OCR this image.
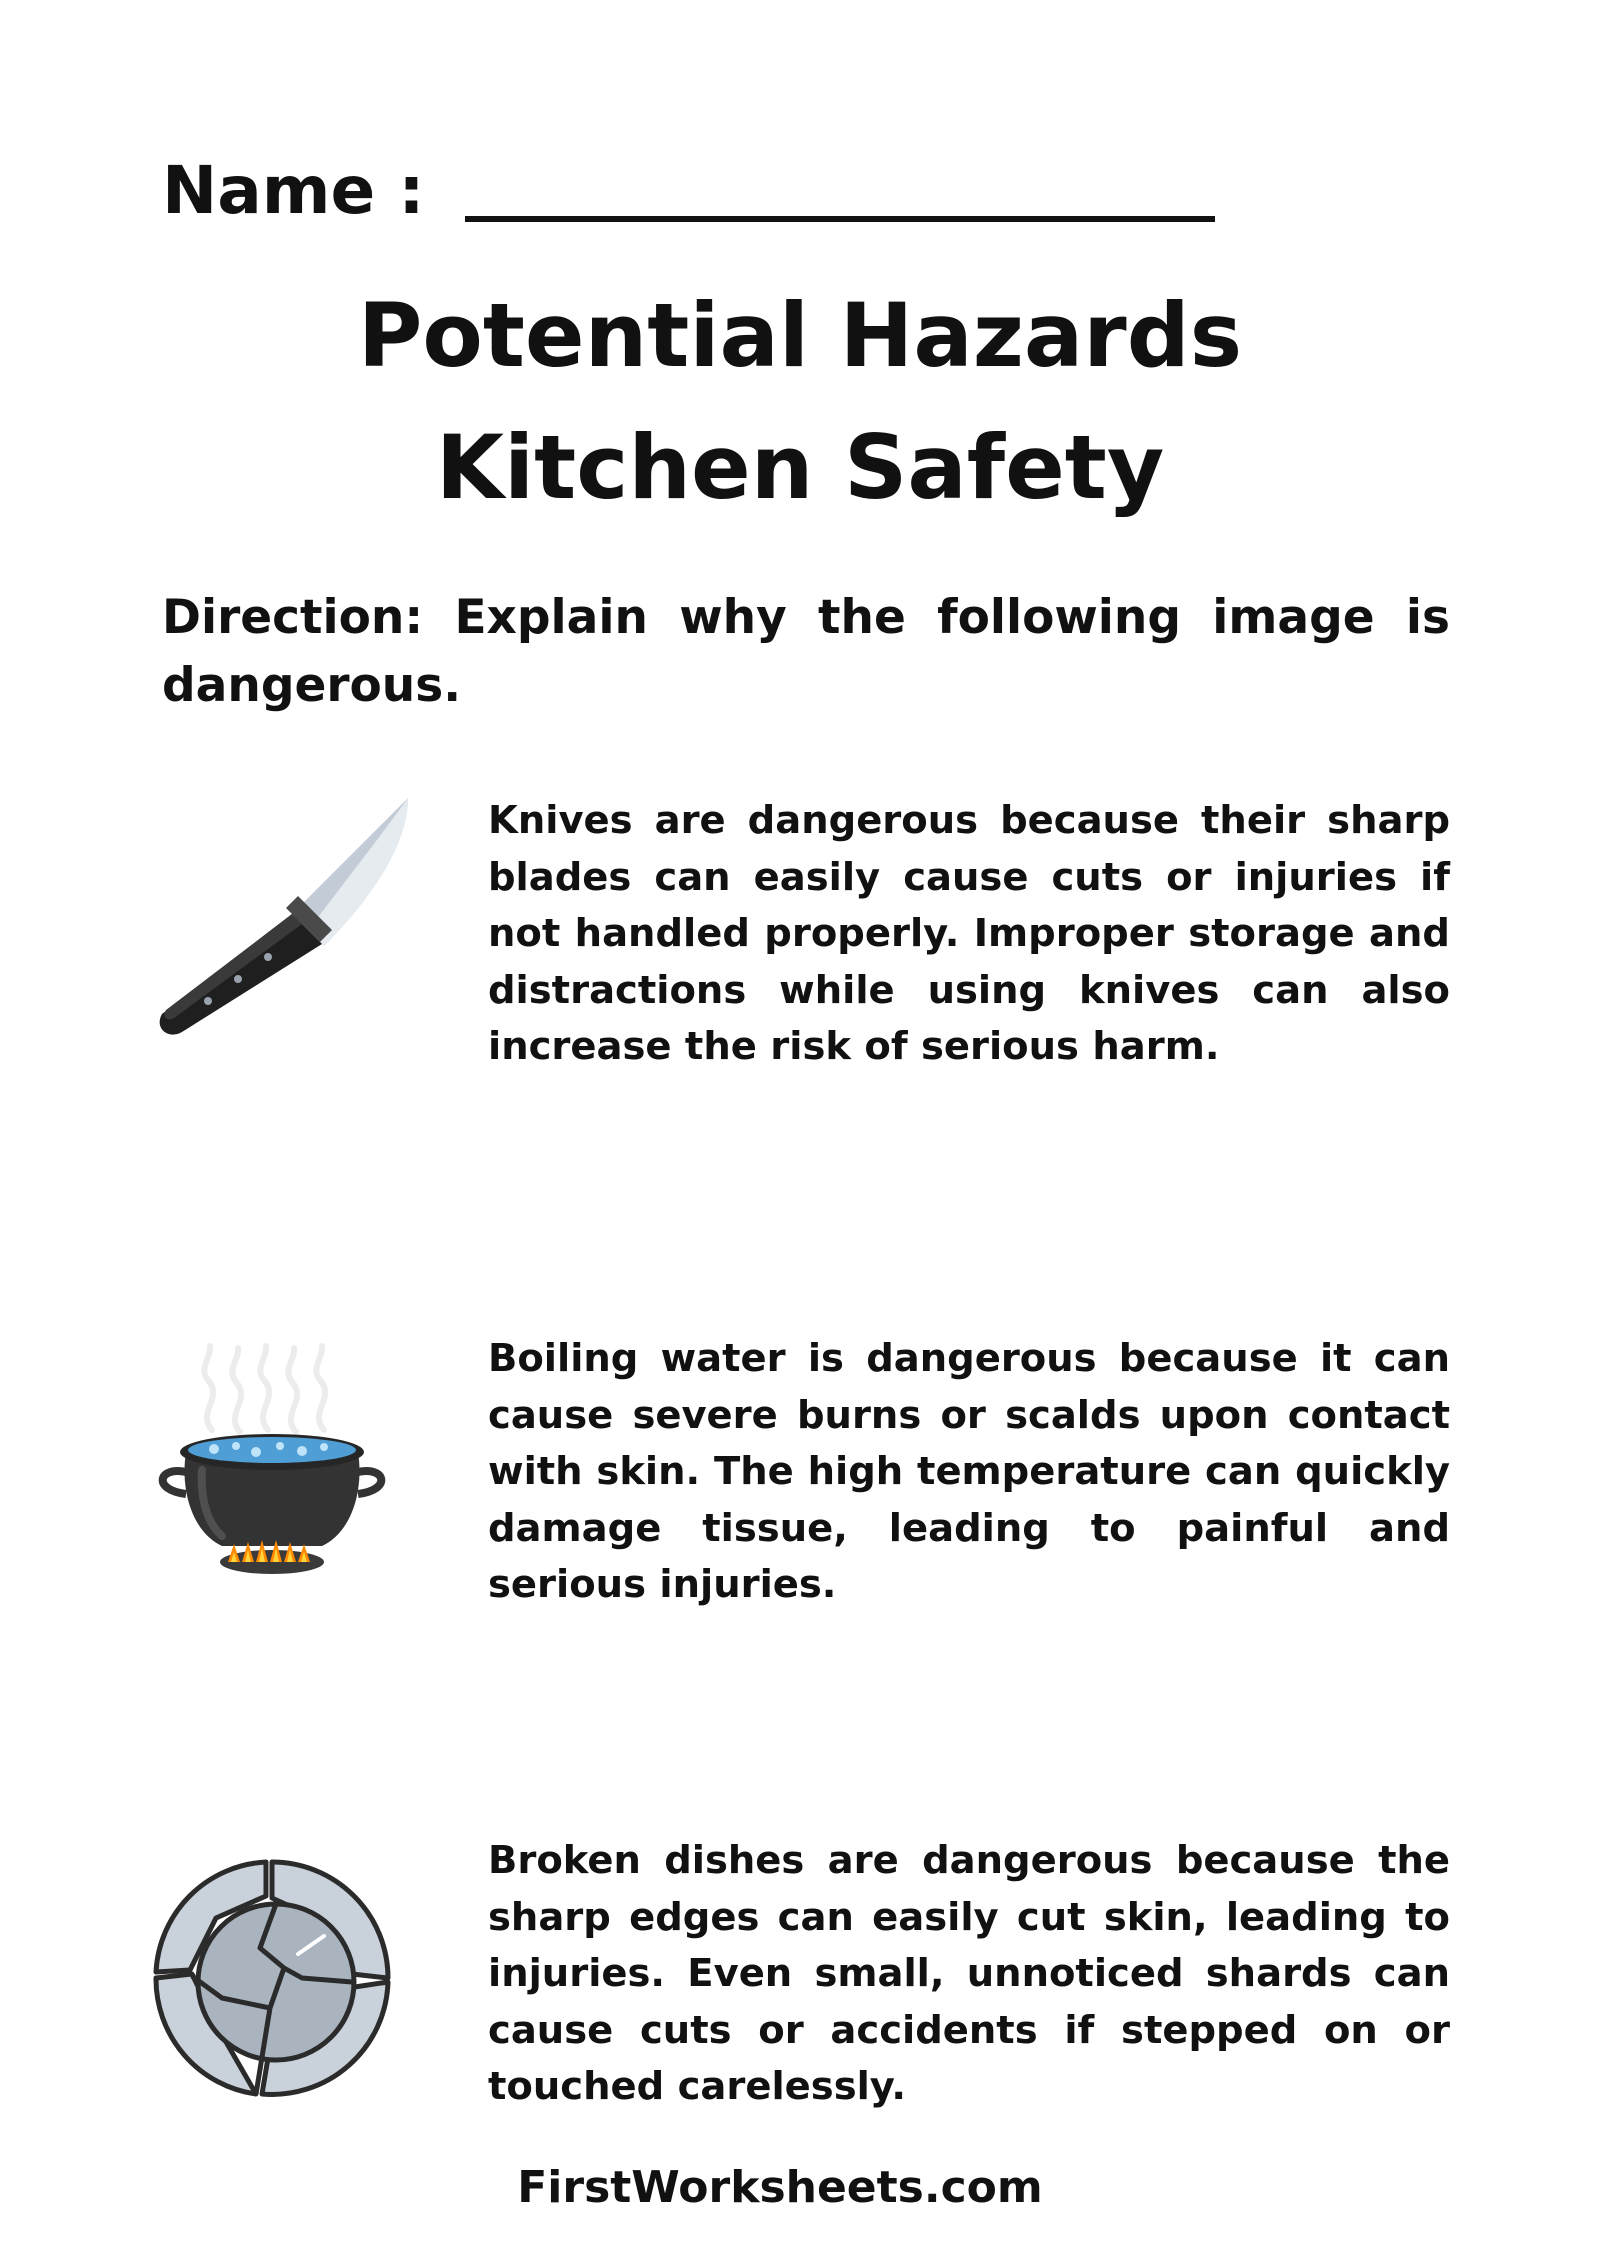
Name :
Potential Hazards
Kitchen Safety

Direction: Explain why the following image is dangerous.

Knives are dangerous because their sharp blades can easily cause cuts or injuries if not handled properly. Improper storage and distractions while using knives can also increase the risk of serious harm.

Boiling water is dangerous because it can cause severe burns or scalds upon contact with skin. The high temperature can quickly damage tissue, leading to painful and serious injuries.

Broken dishes are dangerous because the sharp edges can easily cut skin, leading to injuries. Even small, unnoticed shards can cause cuts or accidents if stepped on or touched carelessly.

FirstWorksheets.com
